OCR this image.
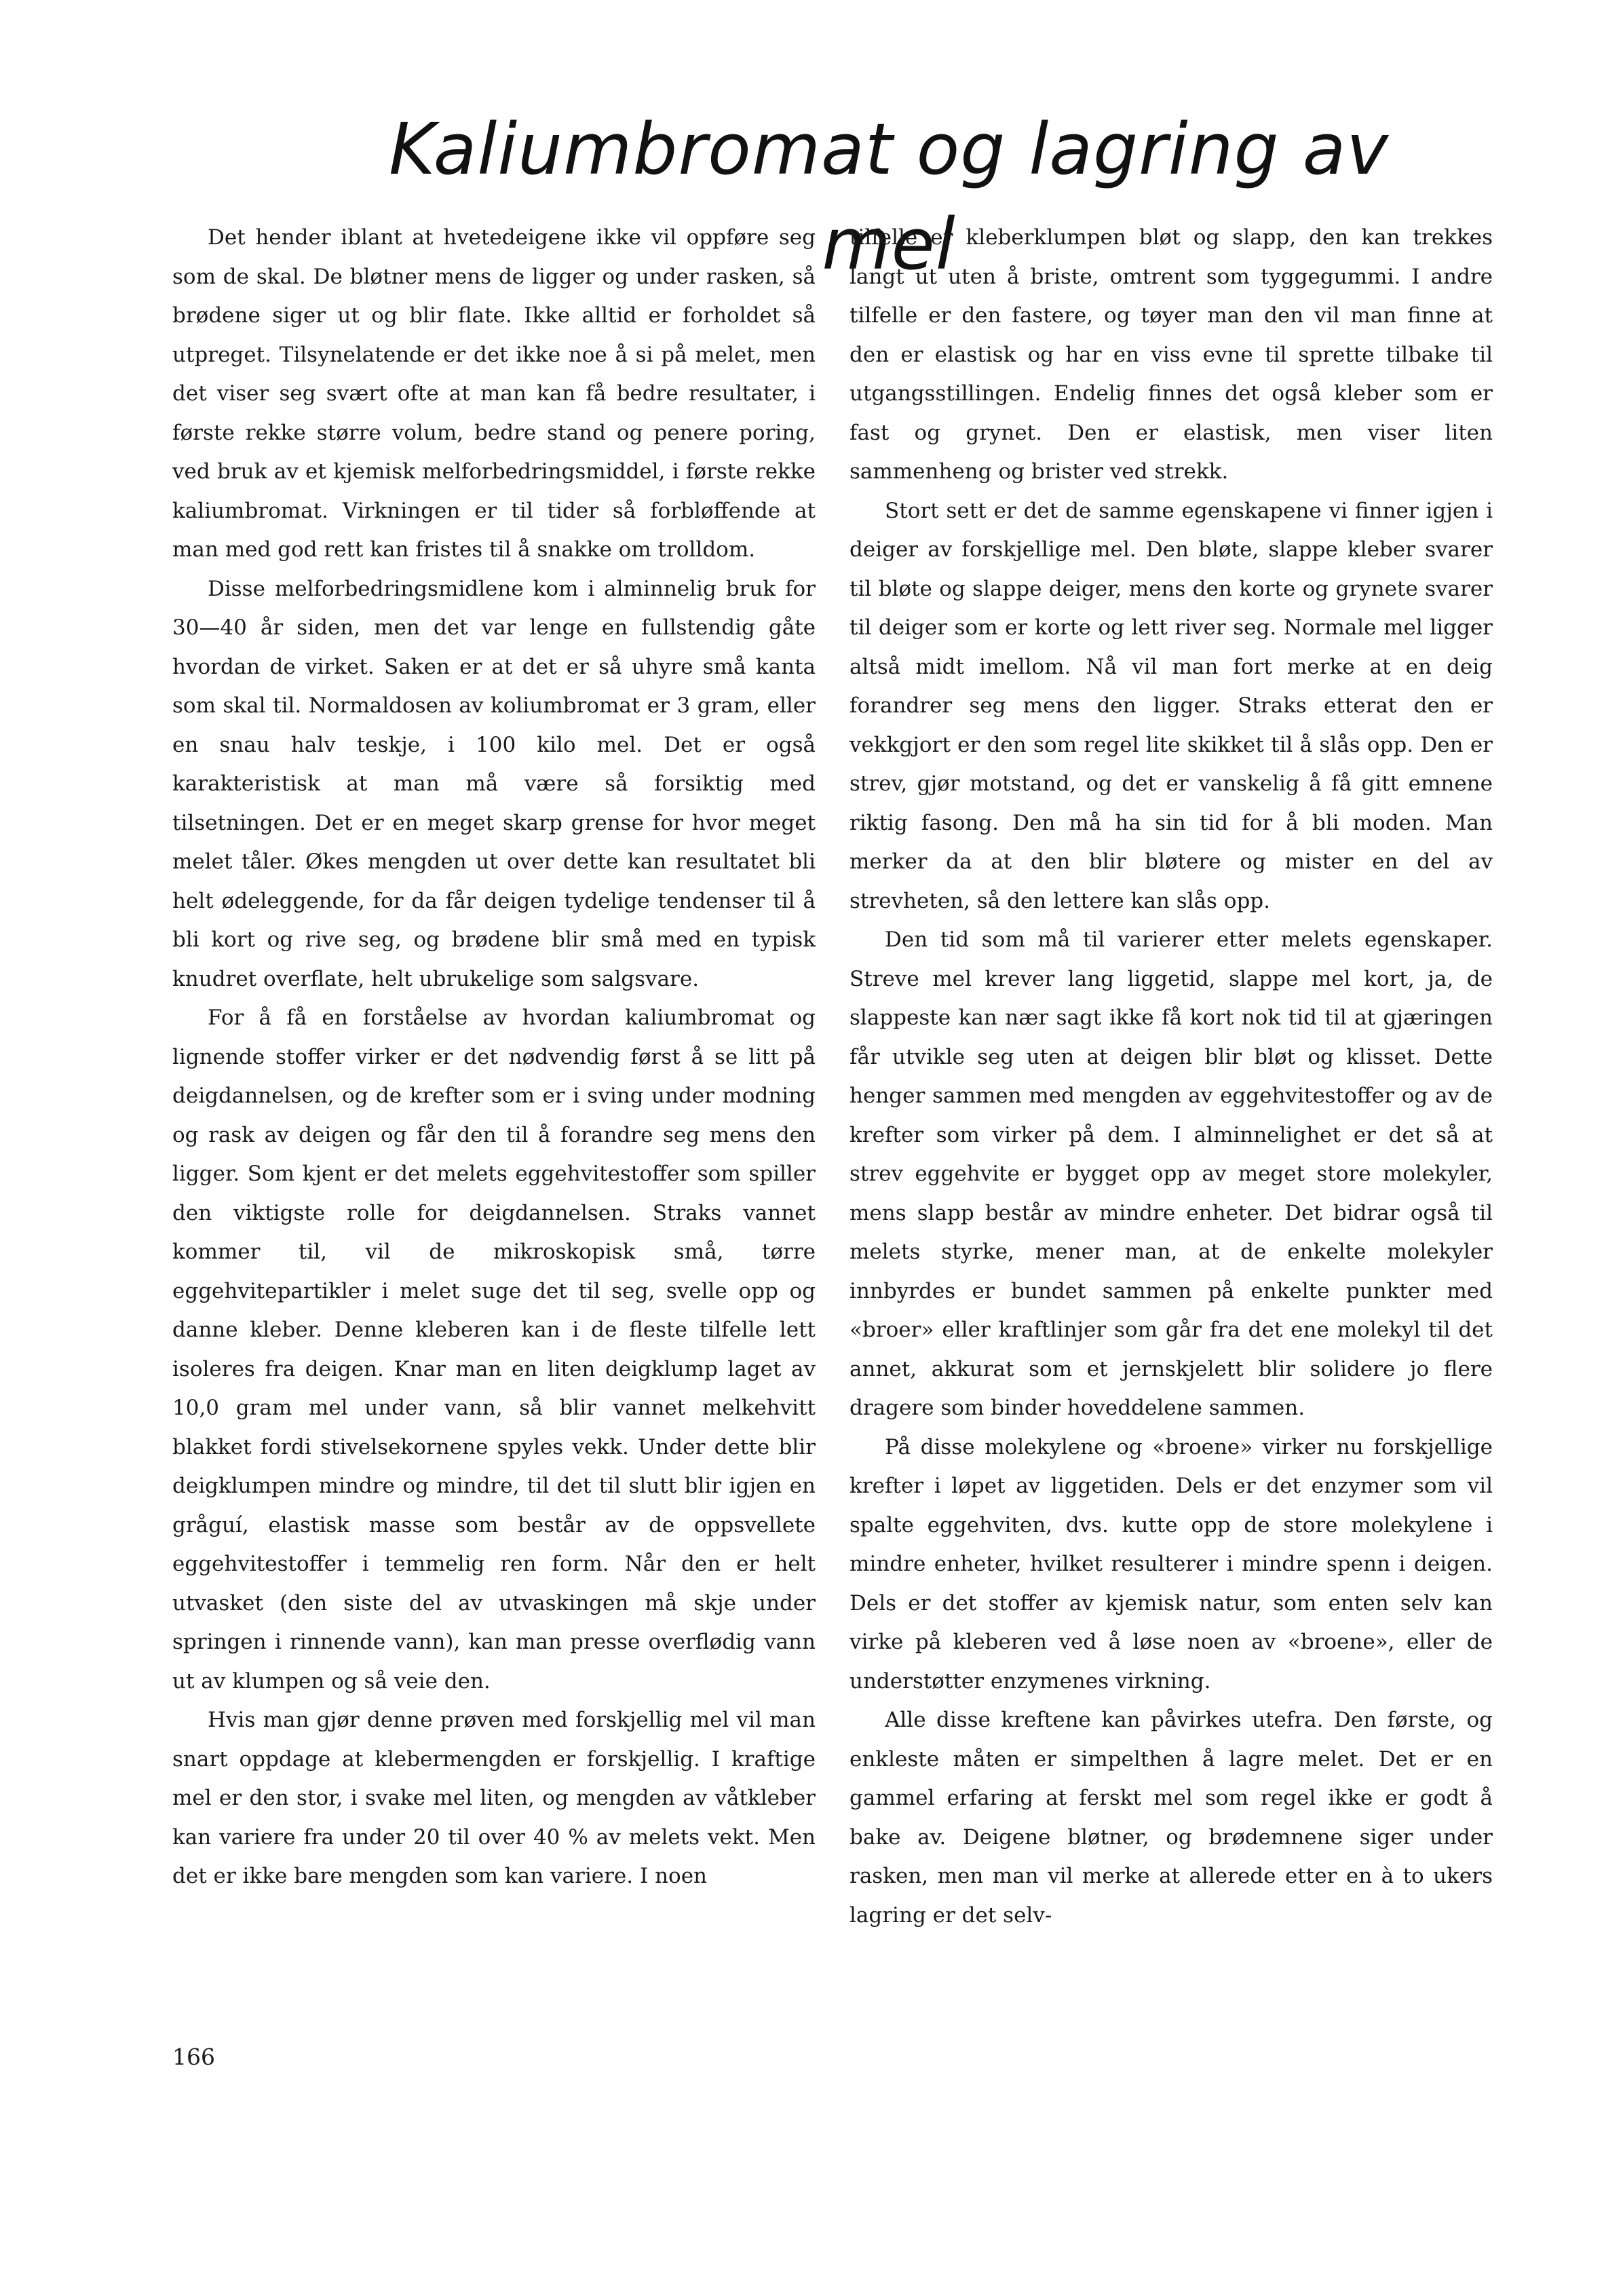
Kaliumbromat og lagring av mel

Det hender iblant at hvetedeigene ikke vil oppføre seg som de skal. De bløtner mens de ligger og under rasken, så brødene siger ut og blir flate. Ikke alltid er forholdet så utpreget. Tilsynelatende er det ikke noe å si på melet, men det viser seg svært ofte at man kan få bedre resultater, i første rekke større volum, bedre stand og penere poring, ved bruk av et kjemisk melforbedringsmiddel, i første rekke kaliumbromat. Virkningen er til tider så forbløffende at man med god rett kan fristes til å snakke om trolldom.

Disse melforbedringsmidlene kom i alminnelig bruk for 30—40 år siden, men det var lenge en fullstendig gåte hvordan de virket. Saken er at det er så uhyre små kanta som skal til. Normaldosen av koliumbromat er 3 gram, eller en snau halv teskje, i 100 kilo mel. Det er også karakteristisk at man må være så forsiktig med tilsetningen. Det er en meget skarp grense for hvor meget melet tåler. Økes mengden ut over dette kan resultatet bli helt ødeleggende, for da får deigen tydelige tendenser til å bli kort og rive seg, og brødene blir små med en typisk knudret overflate, helt ubrukelige som salgsvare.

For å få en forståelse av hvordan kaliumbromat og lignende stoffer virker er det nødvendig først å se litt på deigdannelsen, og de krefter som er i sving under modning og rask av deigen og får den til å forandre seg mens den ligger. Som kjent er det melets eggehvitestoffer som spiller den viktigste rolle for deigdannelsen. Straks vannet kommer til, vil de mikroskopisk små, tørre eggehvitepartikler i melet suge det til seg, svelle opp og danne kleber. Denne kleberen kan i de fleste tilfelle lett isoleres fra deigen. Knar man en liten deigklump laget av 10,0 gram mel under vann, så blir vannet melkehvitt blakket fordi stivelsekornene spyles vekk. Under dette blir deigklumpen mindre og mindre, til det til slutt blir igjen en gråguí, elastisk masse som består av de oppsvellete eggehvitestoffer i temmelig ren form. Når den er helt utvasket (den siste del av utvaskingen må skje under springen i rinnende vann), kan man presse overflødig vann ut av klumpen og så veie den.

Hvis man gjør denne prøven med forskjellig mel vil man snart oppdage at klebermengden er forskjellig. I kraftige mel er den stor, i svake mel liten, og mengden av våtkleber kan variere fra under 20 til over 40 % av melets vekt. Men det er ikke bare mengden som kan variere. I noen

tilfelle er kleberklumpen bløt og slapp, den kan trekkes langt ut uten å briste, omtrent som tyggegummi. I andre tilfelle er den fastere, og tøyer man den vil man finne at den er elastisk og har en viss evne til sprette tilbake til utgangsstillingen. Endelig finnes det også kleber som er fast og grynet. Den er elastisk, men viser liten sammenheng og brister ved strekk.

Stort sett er det de samme egenskapene vi finner igjen i deiger av forskjellige mel. Den bløte, slappe kleber svarer til bløte og slappe deiger, mens den korte og grynete svarer til deiger som er korte og lett river seg. Normale mel ligger altså midt imellom. Nå vil man fort merke at en deig forandrer seg mens den ligger. Straks etterat den er vekkgjort er den som regel lite skikket til å slås opp. Den er strev, gjør motstand, og det er vanskelig å få gitt emnene riktig fasong. Den må ha sin tid for å bli moden. Man merker da at den blir bløtere og mister en del av strevheten, så den lettere kan slås opp.

Den tid som må til varierer etter melets egenskaper. Streve mel krever lang liggetid, slappe mel kort, ja, de slappeste kan nær sagt ikke få kort nok tid til at gjæringen får utvikle seg uten at deigen blir bløt og klisset. Dette henger sammen med mengden av eggehvitestoffer og av de krefter som virker på dem. I alminnelighet er det så at strev eggehvite er bygget opp av meget store molekyler, mens slapp består av mindre enheter. Det bidrar også til melets styrke, mener man, at de enkelte molekyler innbyrdes er bundet sammen på enkelte punkter med «broer» eller kraftlinjer som går fra det ene molekyl til det annet, akkurat som et jernskjelett blir solidere jo flere dragere som binder hoveddelene sammen.

På disse molekylene og «broene» virker nu forskjellige krefter i løpet av liggetiden. Dels er det enzymer som vil spalte eggehviten, dvs. kutte opp de store molekylene i mindre enheter, hvilket resulterer i mindre spenn i deigen. Dels er det stoffer av kjemisk natur, som enten selv kan virke på kleberen ved å løse noen av «broene», eller de understøtter enzymenes virkning.

Alle disse kreftene kan påvirkes utefra. Den første, og enkleste måten er simpelthen å lagre melet. Det er en gammel erfaring at ferskt mel som regel ikke er godt å bake av. Deigene bløtner, og brødemnene siger under rasken, men man vil merke at allerede etter en à to ukers lagring er det selv-

166
